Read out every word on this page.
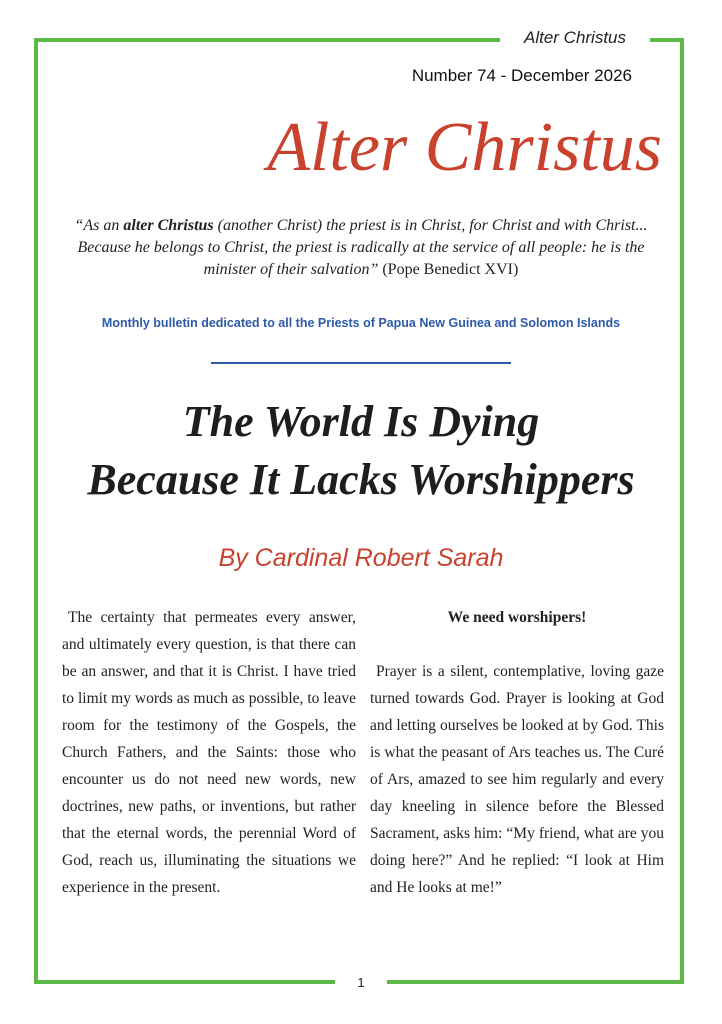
Alter Christus
Number 74 - December 2026
Alter Christus
“As an alter Christus (another Christ) the priest is in Christ, for Christ and with Christ... Because he belongs to Christ, the priest is radically at the service of all people: he is the minister of their salvation” (Pope Benedict XVI)
Monthly bulletin dedicated to all the Priests of Papua New Guinea and Solomon Islands
The World Is Dying
Because It Lacks Worshippers
By Cardinal Robert Sarah

The certainty that permeates every answer, and ultimately every question, is that there can be an answer, and that it is Christ. I have tried to limit my words as much as possible, to leave room for the testimony of the Gospels, the Church Fathers, and the Saints: those who encounter us do not need new words, new doctrines, new paths, or inventions, but rather that the eternal words, the perennial Word of God, reach us, illuminating the situations we experience in the present.

We need worshipers!

Prayer is a silent, contemplative, loving gaze turned towards God. Prayer is looking at God and letting ourselves be looked at by God. This is what the peasant of Ars teaches us. The Curé of Ars, amazed to see him regularly and every day kneeling in silence before the Blessed Sacrament, asks him: “My friend, what are you doing here?” And he replied: “I look at Him and He looks at me!”

1
